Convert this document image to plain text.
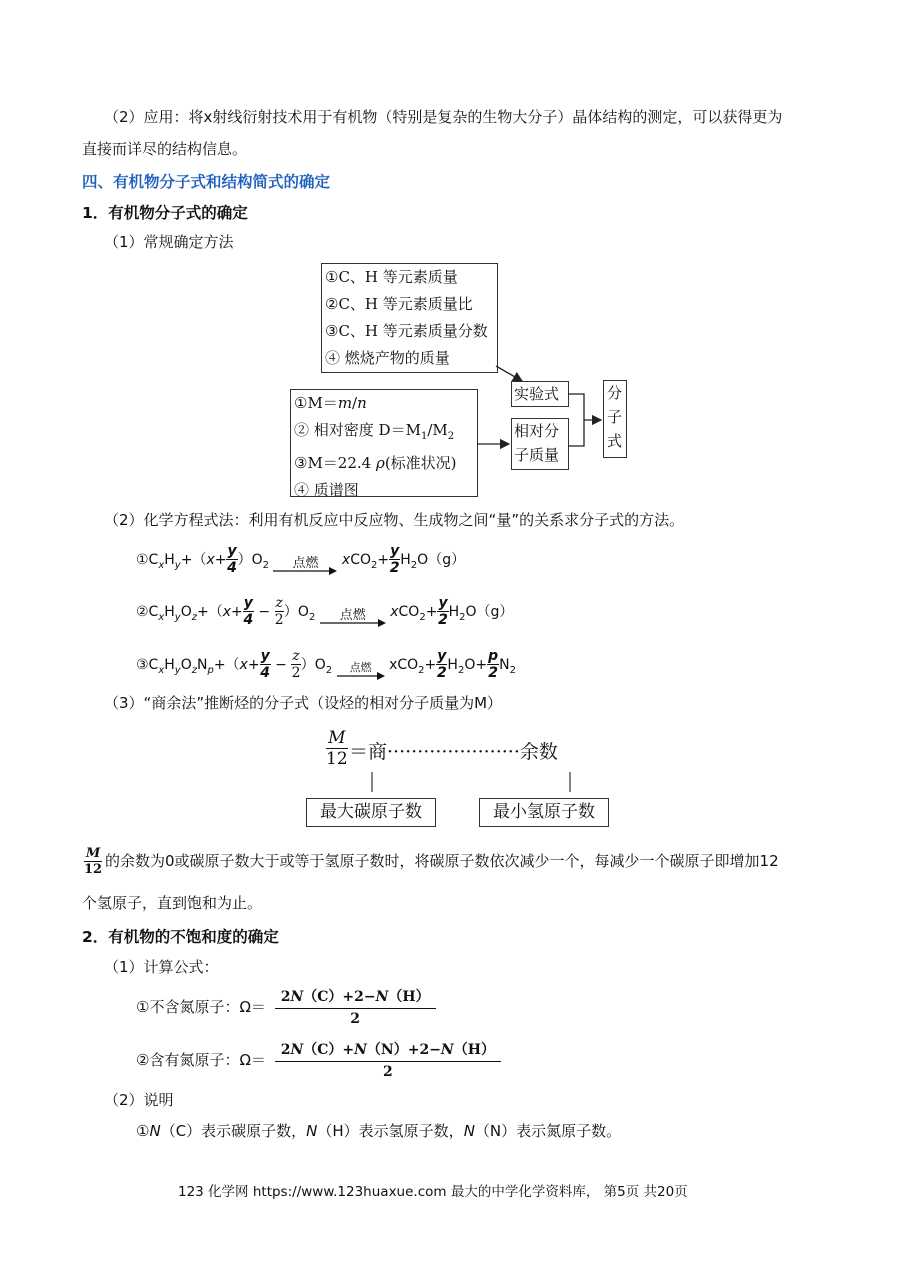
（2）应用：将x射线衍射技术用于有机物（特别是复杂的生物大分子）晶体结构的测定，可以获得更为
直接而详尽的结构信息。
四、有机物分子式和结构简式的确定
1．有机物分子式的确定
（1）常规确定方法
①C、H 等元素质量
②C、H 等元素质量比
③C、H 等元素质量分数
④ 燃烧产物的质量
①M＝m/n
② 相对密度 $D=M_1/M_2$
③M＝22.4 ρ(标准状况)
④ 质谱图
实验式
相对分
子质量
分
子
式
（2）化学方程式法：利用有机反应中反应物、生成物之间“量”的关系求分子式的方法。
$①C_xH_y+(x+ \frac{y}{4} )O_2$	点燃	$xCO_2+ \frac{y}{2} H_2O(g)$
$②C_xH_yO_z+(x+ \frac{y}{4} - \frac{z}{2} )O_2$	点燃	$xCO_2+ \frac{y}{2} H_2O(g)$
$③C_xH_yO_zN_p+(x+ \frac{y}{4} - \frac{z}{2} )O_2$	点燃	$xCO_2+ \frac{y}{2} H_2O+ \frac{p}{2} N_2$
（3）“商余法”推断烃的分子式（设烃的相对分子质量为M）
M
12 ＝商······················余数
最大碳原子数	最小氢原子数
M
12 的余数为0或碳原子数大于或等于氢原子数时，将碳原子数依次减少一个，每减少一个碳原子即增加12
个氢原子，直到饱和为止。
2．有机物的不饱和度的确定
（1）计算公式：
①不含氮原子：$\Omega= \frac{2N(C)+2-N(H)}{2}$
②含有氮原子：$\Omega= \frac{2N(C)+N(N)+2-N(H)}{2}$
（2）说明
①N（C）表示碳原子数，N（H）表示氢原子数，N（N）表示氮原子数。
123 化学网 https://www.123huaxue.com 最大的中学化学资料库， 第5页 共20页
